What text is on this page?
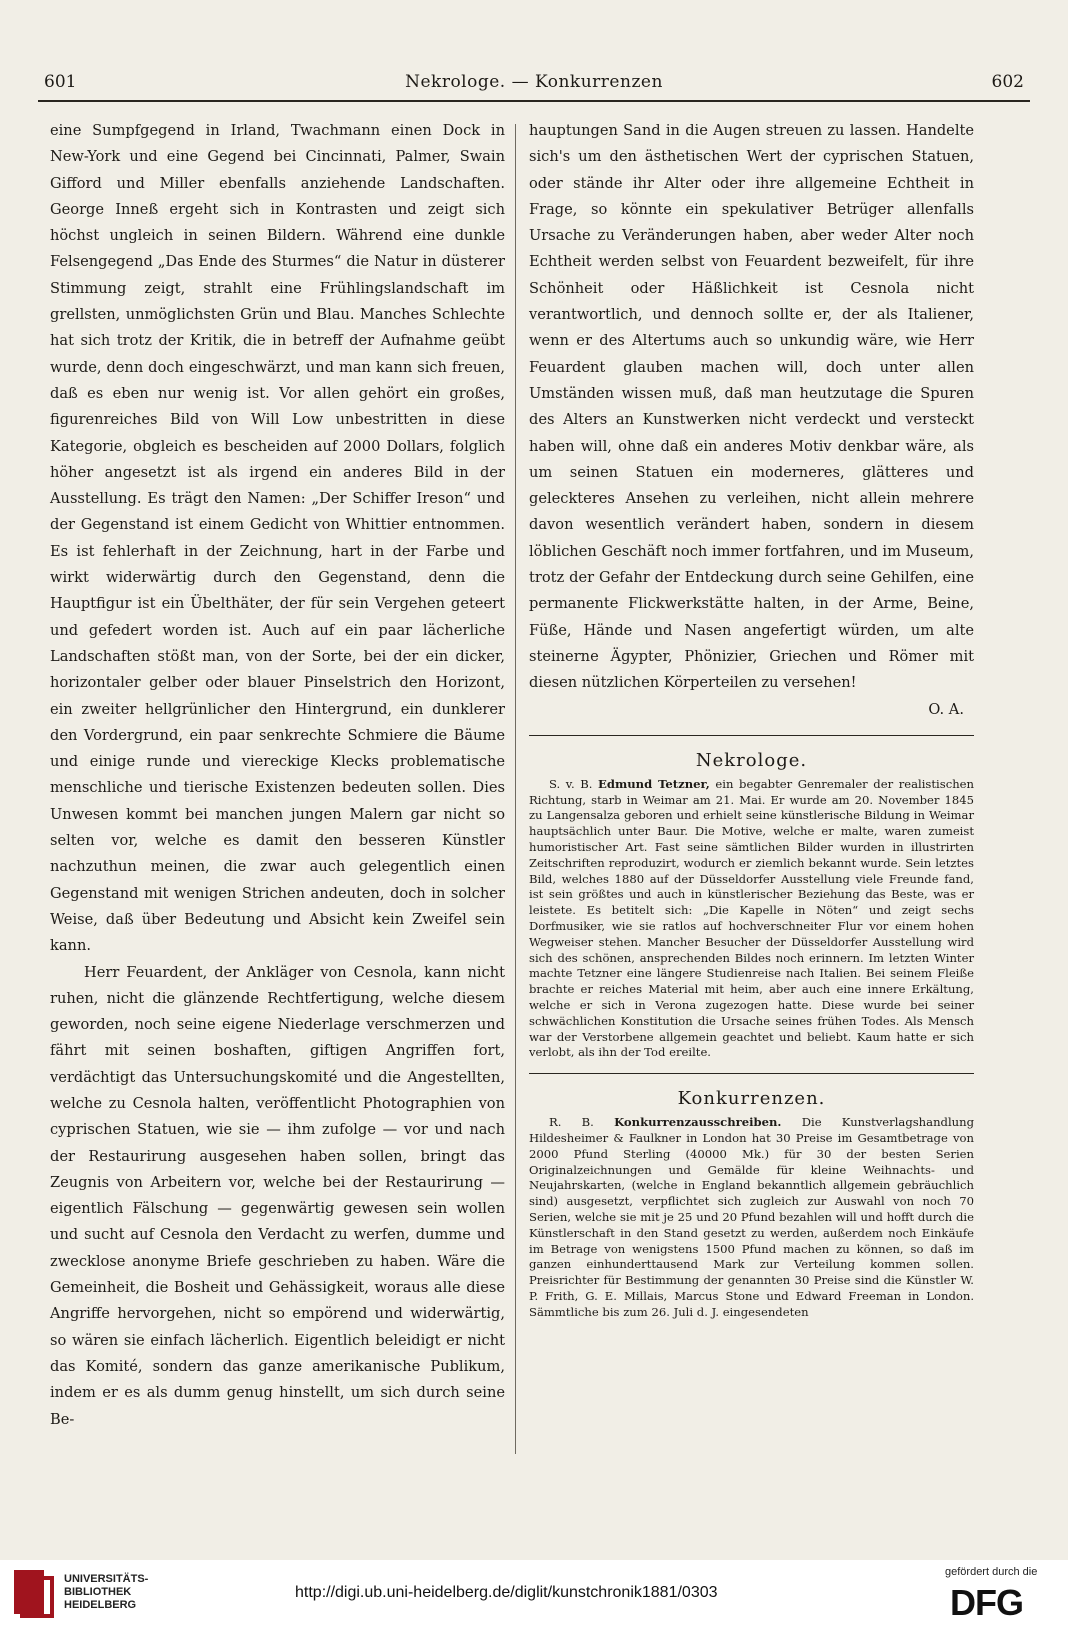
601	Nekrologe. — Konkurrenzen	602

eine Sumpfgegend in Irland, Twachmann einen Dock in New-York und eine Gegend bei Cincinnati, Palmer, Swain Gifford und Miller ebenfalls anziehende Landschaften. George Inneß ergeht sich in Kontrasten und zeigt sich höchst ungleich in seinen Bildern. Während eine dunkle Felsengegend „Das Ende des Sturmes“ die Natur in düsterer Stimmung zeigt, strahlt eine Frühlingslandschaft im grellsten, unmöglichsten Grün und Blau. Manches Schlechte hat sich trotz der Kritik, die in betreff der Aufnahme geübt wurde, denn doch eingeschwärzt, und man kann sich freuen, daß es eben nur wenig ist. Vor allen gehört ein großes, figurenreiches Bild von Will Low unbestritten in diese Kategorie, obgleich es bescheiden auf 2000 Dollars, folglich höher angesetzt ist als irgend ein anderes Bild in der Ausstellung. Es trägt den Namen: „Der Schiffer Ireson“ und der Gegenstand ist einem Gedicht von Whittier entnommen. Es ist fehlerhaft in der Zeichnung, hart in der Farbe und wirkt widerwärtig durch den Gegenstand, denn die Hauptfigur ist ein Übelthäter, der für sein Vergehen geteert und gefedert worden ist. Auch auf ein paar lächerliche Landschaften stößt man, von der Sorte, bei der ein dicker, horizontaler gelber oder blauer Pinselstrich den Horizont, ein zweiter hellgrünlicher den Hintergrund, ein dunklerer den Vordergrund, ein paar senkrechte Schmiere die Bäume und einige runde und viereckige Klecks problematische menschliche und tierische Existenzen bedeuten sollen. Dies Unwesen kommt bei manchen jungen Malern gar nicht so selten vor, welche es damit den besseren Künstler nachzuthun meinen, die zwar auch gelegentlich einen Gegenstand mit wenigen Strichen andeuten, doch in solcher Weise, daß über Bedeutung und Absicht kein Zweifel sein kann.

Herr Feuardent, der Ankläger von Cesnola, kann nicht ruhen, nicht die glänzende Rechtfertigung, welche diesem geworden, noch seine eigene Niederlage verschmerzen und fährt mit seinen boshaften, giftigen Angriffen fort, verdächtigt das Untersuchungskomité und die Angestellten, welche zu Cesnola halten, veröffentlicht Photographien von cyprischen Statuen, wie sie — ihm zufolge — vor und nach der Restaurirung ausgesehen haben sollen, bringt das Zeugnis von Arbeitern vor, welche bei der Restaurirung — eigentlich Fälschung — gegenwärtig gewesen sein wollen und sucht auf Cesnola den Verdacht zu werfen, dumme und zwecklose anonyme Briefe geschrieben zu haben. Wäre die Gemeinheit, die Bosheit und Gehässigkeit, woraus alle diese Angriffe hervorgehen, nicht so empörend und widerwärtig, so wären sie einfach lächerlich. Eigentlich beleidigt er nicht das Komité, sondern das ganze amerikanische Publikum, indem er es als dumm genug hinstellt, um sich durch seine Be-

hauptungen Sand in die Augen streuen zu lassen. Handelte sich's um den ästhetischen Wert der cyprischen Statuen, oder stände ihr Alter oder ihre allgemeine Echtheit in Frage, so könnte ein spekulativer Betrüger allenfalls Ursache zu Veränderungen haben, aber weder Alter noch Echtheit werden selbst von Feuardent bezweifelt, für ihre Schönheit oder Häßlichkeit ist Cesnola nicht verantwortlich, und dennoch sollte er, der als Italiener, wenn er des Altertums auch so unkundig wäre, wie Herr Feuardent glauben machen will, doch unter allen Umständen wissen muß, daß man heutzutage die Spuren des Alters an Kunstwerken nicht verdeckt und versteckt haben will, ohne daß ein anderes Motiv denkbar wäre, als um seinen Statuen ein moderneres, glätteres und geleckteres Ansehen zu verleihen, nicht allein mehrere davon wesentlich verändert haben, sondern in diesem löblichen Geschäft noch immer fortfahren, und im Museum, trotz der Gefahr der Entdeckung durch seine Gehilfen, eine permanente Flickwerkstätte halten, in der Arme, Beine, Füße, Hände und Nasen angefertigt würden, um alte steinerne Ägypter, Phönizier, Griechen und Römer mit diesen nützlichen Körperteilen zu versehen!

O. A.

Nekrologe.

S. v. B. Edmund Tetzner, ein begabter Genremaler der realistischen Richtung, starb in Weimar am 21. Mai. Er wurde am 20. November 1845 zu Langensalza geboren und erhielt seine künstlerische Bildung in Weimar hauptsächlich unter Baur. Die Motive, welche er malte, waren zumeist humoristischer Art. Fast seine sämtlichen Bilder wurden in illustrirten Zeitschriften reproduzirt, wodurch er ziemlich bekannt wurde. Sein letztes Bild, welches 1880 auf der Düsseldorfer Ausstellung viele Freunde fand, ist sein größtes und auch in künstlerischer Beziehung das Beste, was er leistete. Es betitelt sich: „Die Kapelle in Nöten“ und zeigt sechs Dorfmusiker, wie sie ratlos auf hochverschneiter Flur vor einem hohen Wegweiser stehen. Mancher Besucher der Düsseldorfer Ausstellung wird sich des schönen, ansprechenden Bildes noch erinnern. Im letzten Winter machte Tetzner eine längere Studienreise nach Italien. Bei seinem Fleiße brachte er reiches Material mit heim, aber auch eine innere Erkältung, welche er sich in Verona zugezogen hatte. Diese wurde bei seiner schwächlichen Konstitution die Ursache seines frühen Todes. Als Mensch war der Verstorbene allgemein geachtet und beliebt. Kaum hatte er sich verlobt, als ihn der Tod ereilte.

Konkurrenzen.

R. B. Konkurrenzausschreiben. Die Kunstverlagshandlung Hildesheimer & Faulkner in London hat 30 Preise im Gesamtbetrage von 2000 Pfund Sterling (40000 Mk.) für 30 der besten Serien Originalzeichnungen und Gemälde für kleine Weihnachts- und Neujahrskarten, (welche in England bekanntlich allgemein gebräuchlich sind) ausgesetzt, verpflichtet sich zugleich zur Auswahl von noch 70 Serien, welche sie mit je 25 und 20 Pfund bezahlen will und hofft durch die Künstlerschaft in den Stand gesetzt zu werden, außerdem noch Einkäufe im Betrage von wenigstens 1500 Pfund machen zu können, so daß im ganzen einhunderttausend Mark zur Verteilung kommen sollen. Preisrichter für Bestimmung der genannten 30 Preise sind die Künstler W. P. Frith, G. E. Millais, Marcus Stone und Edward Freeman in London. Sämmtliche bis zum 26. Juli d. J. eingesendeten

UNIVERSITÄTS-
BIBLIOTHEK
HEIDELBERG
http://digi.ub.uni-heidelberg.de/diglit/kunstchronik1881/0303
gefördert durch die
DFG
